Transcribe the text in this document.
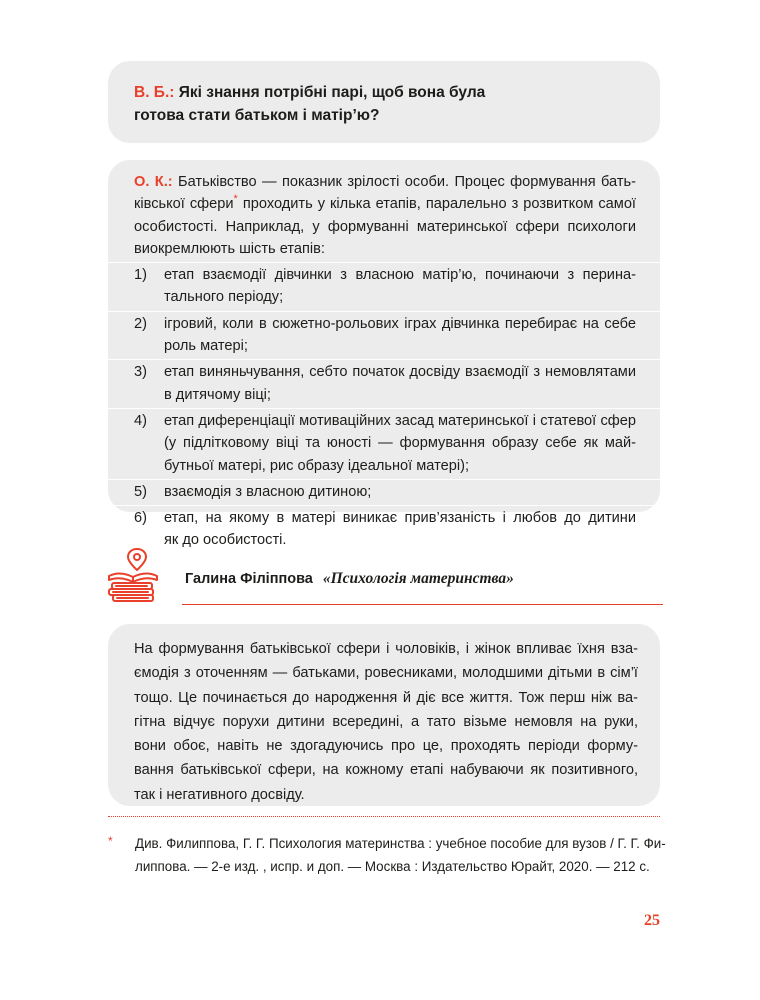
В. Б.: Які знання потрібні парі, щоб вона була
готова стати батьком і матір’ю?
О. К.: Батьківство — показник зрілості особи. Процес формування бать-
ківської сфери* проходить у кілька етапів, паралельно з розвитком самої
особистості. Наприклад, у формуванні материнської сфери психологи
виокремлюють шість етапів:
1)	етап взаємодії дівчинки з власною матір’ю, починаючи з перина-
тального періоду;
2)	ігровий, коли в сюжетно-рольових іграх дівчинка перебирає на себе
роль матері;
3)	етап виняньчування, себто початок досвіду взаємодії з немовлятами
в дитячому віці;
4)	етап диференціації мотиваційних засад материнської і статевої сфер
(у підлітковому віці та юності — формування образу себе як май-
бутньої матері, рис образу ідеальної матері);
5)	взаємодія з власною дитиною;
6)	етап, на якому в матері виникає прив’язаність і любов до дитини
як до особистості.
Галина Філіппова «Психологія материнства»
На формування батьківської сфери і чоловіків, і жінок впливає їхня вза-
ємодія з оточенням — батьками, ровесниками, молодшими дітьми в сім’ї
тощо. Це починається до народження й діє все життя. Тож перш ніж ва-
гітна відчує порухи дитини всередині, а тато візьме немовля на руки,
вони обоє, навіть не здогадуючись про це, проходять періоди форму-
вання батьківської сфери, на кожному етапі набуваючи як позитивного,
так і негативного досвіду.
* Див. Филиппова, Г. Г. Психология материнства : учебное пособие для вузов / Г. Г. Фи-
липпова. — 2-е изд. , испр. и доп. — Москва : Издательство Юрайт, 2020. — 212 с.
25
